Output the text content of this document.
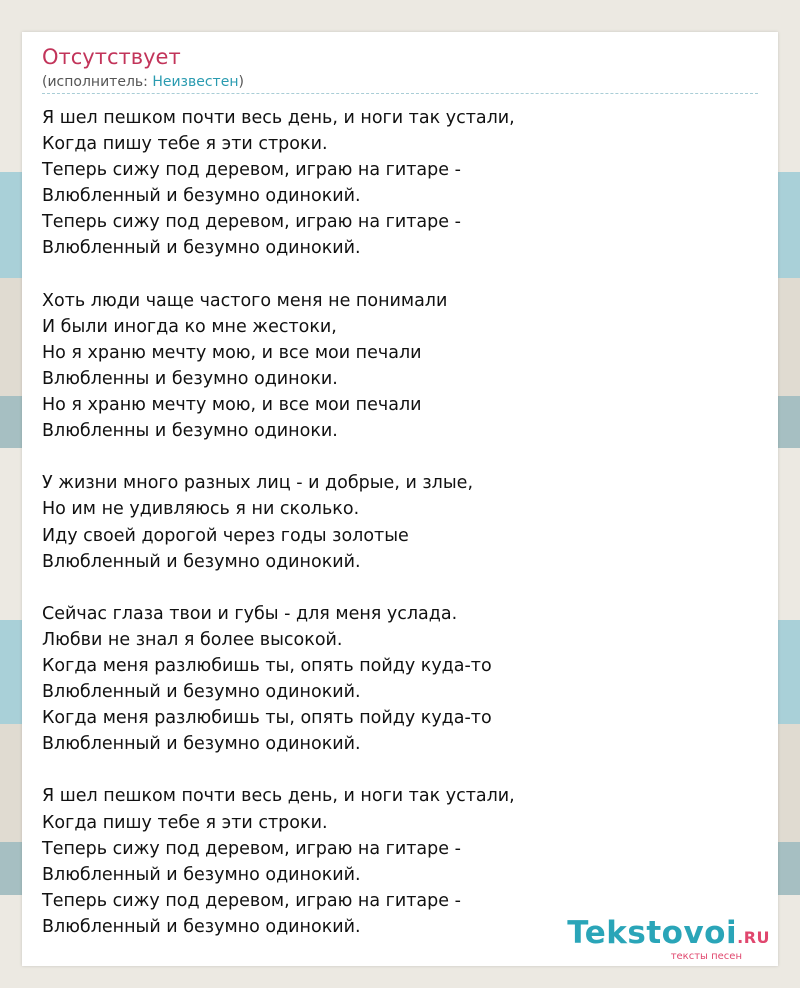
Отсутствует
(исполнитель: Неизвестен)
Я шел пешком почти весь день, и ноги так устали,
Когда пишу тебе я эти строки.
Теперь сижу под деревом, играю на гитаре -
Влюбленный и безумно одинокий.
Теперь сижу под деревом, играю на гитаре -
Влюбленный и безумно одинокий.
Хоть люди чаще частого меня не понимали
И были иногда ко мне жестоки,
Но я храню мечту мою, и все мои печали
Влюбленны и безумно одиноки.
Но я храню мечту мою, и все мои печали
Влюбленны и безумно одиноки.
У жизни много разных лиц - и добрые, и злые,
Но им не удивляюсь я ни сколько.
Иду своей дорогой через годы золотые
Влюбленный и безумно одинокий.
Сейчас глаза твои и губы - для меня услада.
Любви не знал я более высокой.
Когда меня разлюбишь ты, опять пойду куда-то
Влюбленный и безумно одинокий.
Когда меня разлюбишь ты, опять пойду куда-то
Влюбленный и безумно одинокий.
Я шел пешком почти весь день, и ноги так устали,
Когда пишу тебе я эти строки.
Теперь сижу под деревом, играю на гитаре -
Влюбленный и безумно одинокий.
Теперь сижу под деревом, играю на гитаре -
Влюбленный и безумно одинокий.	Tekstovoi.RU
тексты песен
